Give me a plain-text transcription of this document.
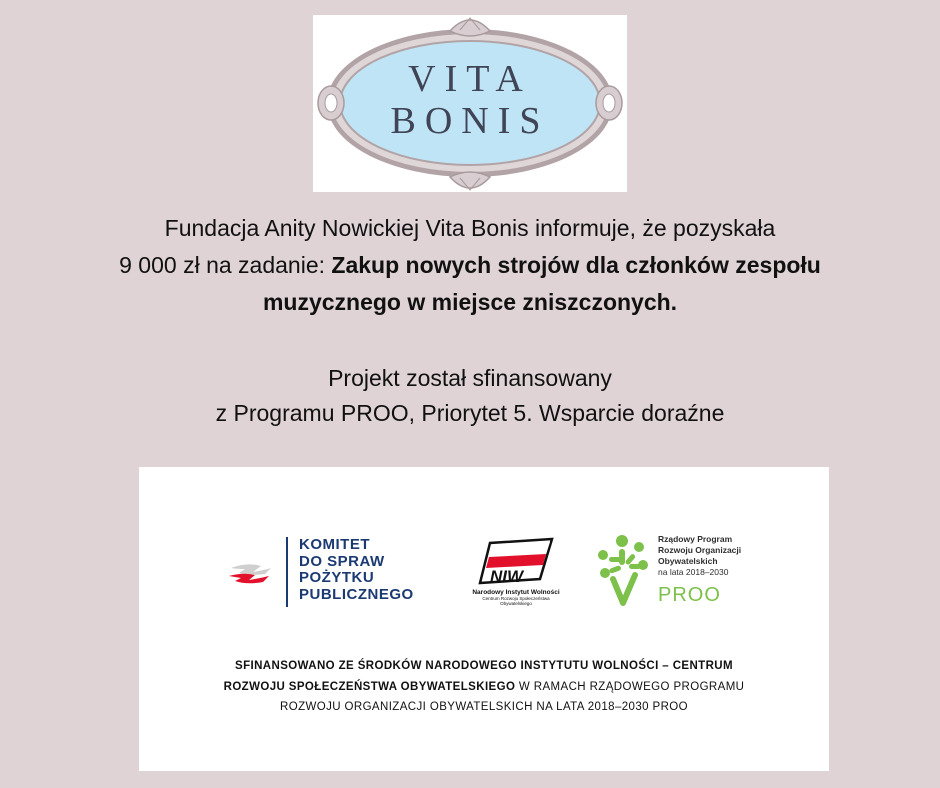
VITA
BONIS
Fundacja Anity Nowickiej Vita Bonis informuje, że pozyskała
9 000 zł na zadanie: Zakup nowych strojów dla członków zespołu
muzycznego w miejsce zniszczonych.
Projekt został sfinansowany
z Programu PROO, Priorytet 5. Wsparcie doraźne
KOMITET
DO SPRAW
POŻYTKU
PUBLICZNEGO
NIW
Narodowy Instytut Wolności
Centrum Rozwoju Społeczeństwa Obywatelskiego
Rządowy Program
Rozwoju Organizacji
Obywatelskich
na lata 2018–2030
PROO
SFINANSOWANO ZE ŚRODKÓW NARODOWEGO INSTYTUTU WOLNOŚCI – CENTRUM
ROZWOJU SPOŁECZEŃSTWA OBYWATELSKIEGO W RAMACH RZĄDOWEGO PROGRAMU
ROZWOJU ORGANIZACJI OBYWATELSKICH NA LATA 2018–2030 PROO
